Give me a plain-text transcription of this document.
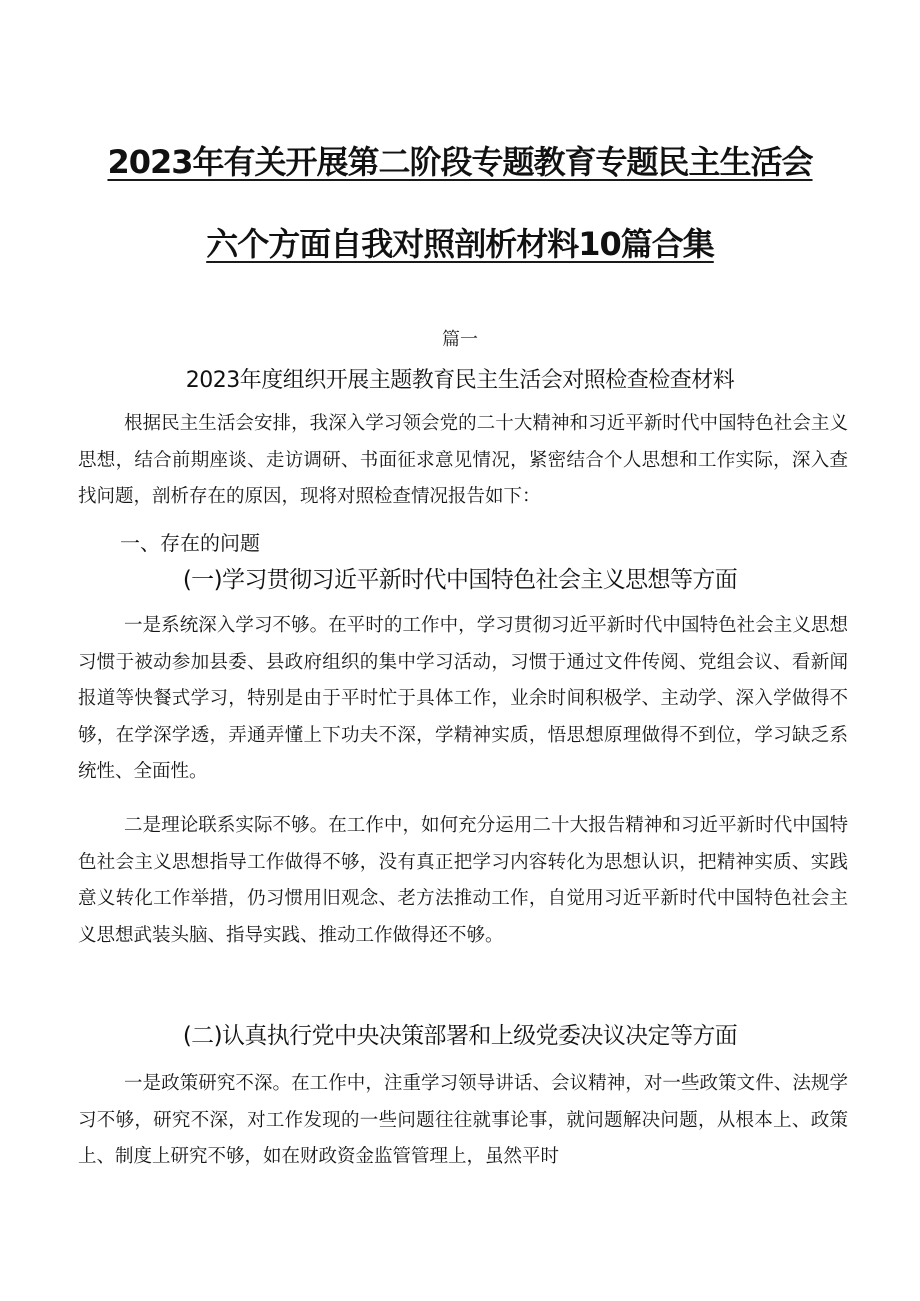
2023年有关开展第二阶段专题教育专题民主生活会
六个方面自我对照剖析材料10篇合集
篇一
2023年度组织开展主题教育民主生活会对照检查检查材料

根据民主生活会安排，我深入学习领会党的二十大精神和习近平新时代中国特色社会主义思想，结合前期座谈、走访调研、书面征求意见情况，紧密结合个人思想和工作实际，深入查找问题，剖析存在的原因，现将对照检查情况报告如下：

一、存在的问题
(一)学习贯彻习近平新时代中国特色社会主义思想等方面

一是系统深入学习不够。在平时的工作中，学习贯彻习近平新时代中国特色社会主义思想习惯于被动参加县委、县政府组织的集中学习活动，习惯于通过文件传阅、党组会议、看新闻报道等快餐式学习，特别是由于平时忙于具体工作，业余时间积极学、主动学、深入学做得不够，在学深学透，弄通弄懂上下功夫不深，学精神实质，悟思想原理做得不到位，学习缺乏系统性、全面性。

二是理论联系实际不够。在工作中，如何充分运用二十大报告精神和习近平新时代中国特色社会主义思想指导工作做得不够，没有真正把学习内容转化为思想认识，把精神实质、实践意义转化工作举措，仍习惯用旧观念、老方法推动工作，自觉用习近平新时代中国特色社会主义思想武装头脑、指导实践、推动工作做得还不够。

(二)认真执行党中央决策部署和上级党委决议决定等方面

一是政策研究不深。在工作中，注重学习领导讲话、会议精神，对一些政策文件、法规学习不够，研究不深，对工作发现的一些问题往往就事论事，就问题解决问题，从根本上、政策上、制度上研究不够，如在财政资金监管管理上，虽然平时
